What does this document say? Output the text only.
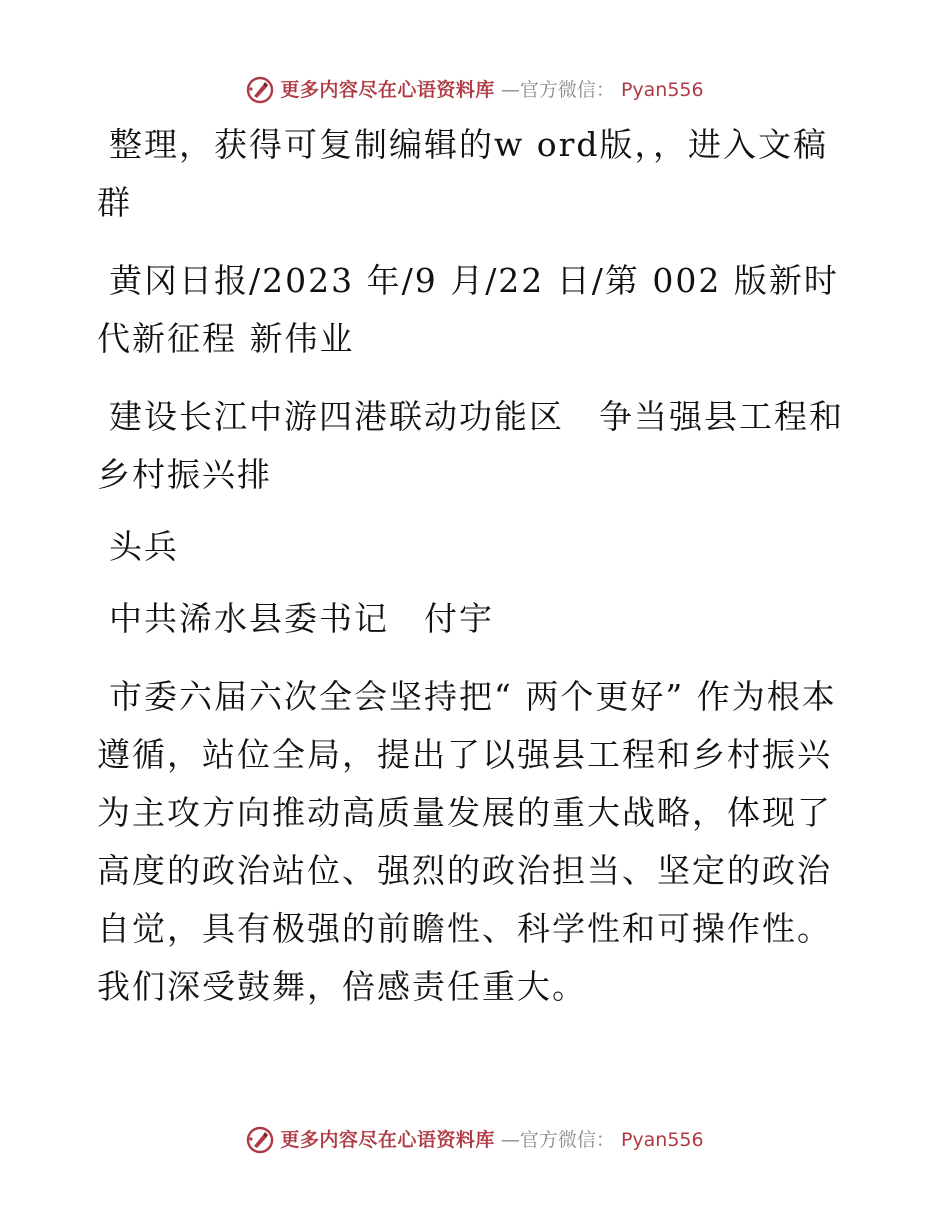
更多内容尽在心语资料库 —官方微信： Pyan556

整理，获得可复制编辑的w ord版，，进入文稿群

黄冈日报/2023 年/9 月/22 日/第 002 版新时代新征程 新伟业

建设长江中游四港联动功能区　争当强县工程和乡村振兴排

头兵

中共浠水县委书记　付宇

市委六届六次全会坚持把“ 两个更好” 作为根本遵循，站位全局，提出了以强县工程和乡村振兴为主攻方向推动高质量发展的重大战略，体现了高度的政治站位、强烈的政治担当、坚定的政治自觉，具有极强的前瞻性、科学性和可操作性。我们深受鼓舞，倍感责任重大。

更多内容尽在心语资料库 —官方微信： Pyan556
